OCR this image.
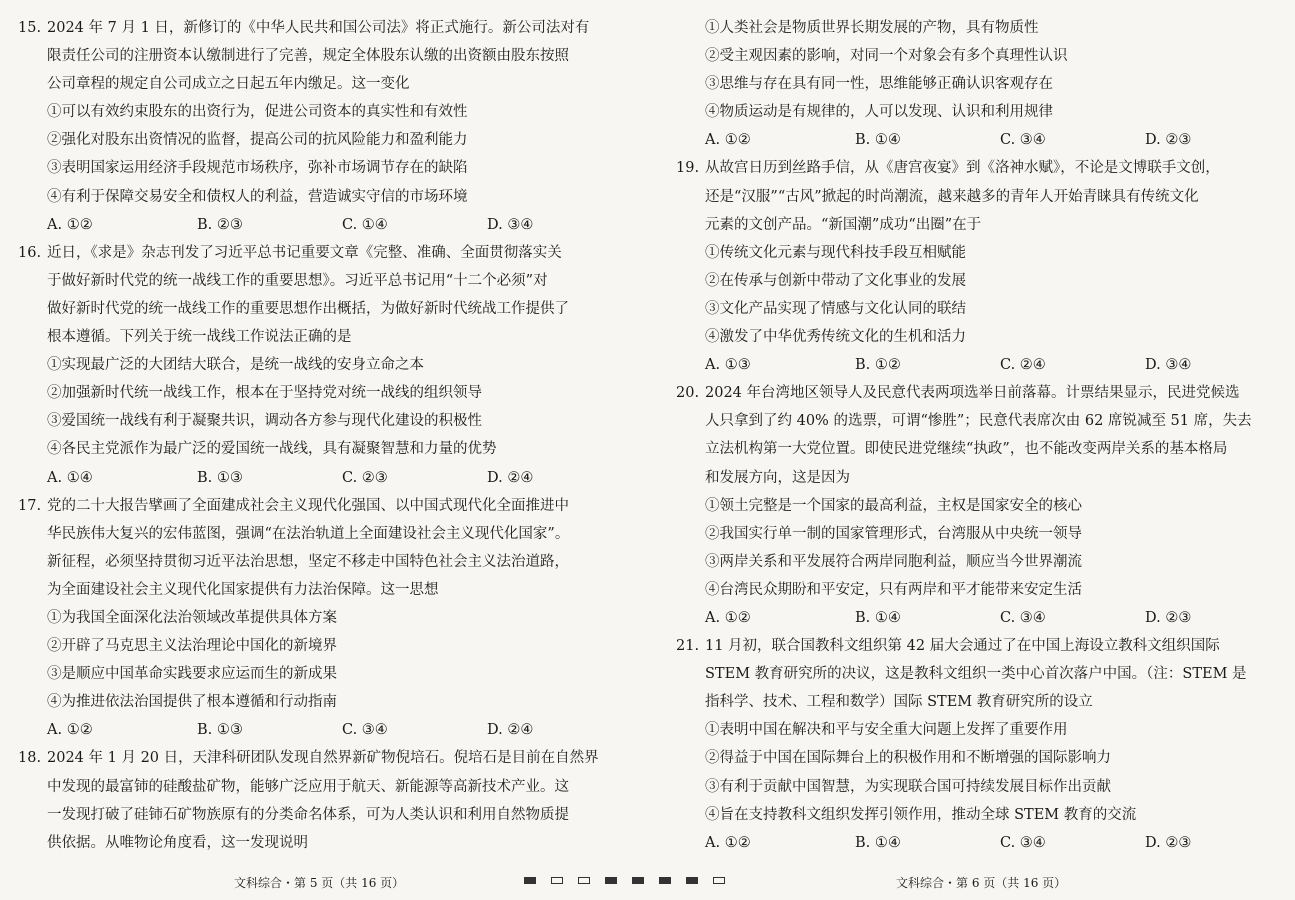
15. 2024 年 7 月 1 日，新修订的《中华人民共和国公司法》将正式施行。新公司法对有
限责任公司的注册资本认缴制进行了完善，规定全体股东认缴的出资额由股东按照
公司章程的规定自公司成立之日起五年内缴足。这一变化
①可以有效约束股东的出资行为，促进公司资本的真实性和有效性
②强化对股东出资情况的监督，提高公司的抗风险能力和盈利能力
③表明国家运用经济手段规范市场秩序，弥补市场调节存在的缺陷
④有利于保障交易安全和债权人的利益，营造诚实守信的市场环境
A. ①②	B. ②③	C. ①④	D. ③④
16. 近日，《求是》杂志刊发了习近平总书记重要文章《完整、准确、全面贯彻落实关
于做好新时代党的统一战线工作的重要思想》。习近平总书记用“十二个必须”对
做好新时代党的统一战线工作的重要思想作出概括，为做好新时代统战工作提供了
根本遵循。下列关于统一战线工作说法正确的是
①实现最广泛的大团结大联合，是统一战线的安身立命之本
②加强新时代统一战线工作，根本在于坚持党对统一战线的组织领导
③爱国统一战线有利于凝聚共识，调动各方参与现代化建设的积极性
④各民主党派作为最广泛的爱国统一战线，具有凝聚智慧和力量的优势
A. ①④	B. ①③	C. ②③	D. ②④
17. 党的二十大报告擘画了全面建成社会主义现代化强国、以中国式现代化全面推进中
华民族伟大复兴的宏伟蓝图，强调“在法治轨道上全面建设社会主义现代化国家”。
新征程，必须坚持贯彻习近平法治思想，坚定不移走中国特色社会主义法治道路，
为全面建设社会主义现代化国家提供有力法治保障。这一思想
①为我国全面深化法治领域改革提供具体方案
②开辟了马克思主义法治理论中国化的新境界
③是顺应中国革命实践要求应运而生的新成果
④为推进依法治国提供了根本遵循和行动指南
A. ①②	B. ①③	C. ③④	D. ②④
18. 2024 年 1 月 20 日，天津科研团队发现自然界新矿物倪培石。倪培石是目前在自然界
中发现的最富铈的硅酸盐矿物，能够广泛应用于航天、新能源等高新技术产业。这
一发现打破了硅铈石矿物族原有的分类命名体系，可为人类认识和利用自然物质提
供依据。从唯物论角度看，这一发现说明
①人类社会是物质世界长期发展的产物，具有物质性
②受主观因素的影响，对同一个对象会有多个真理性认识
③思维与存在具有同一性，思维能够正确认识客观存在
④物质运动是有规律的，人可以发现、认识和利用规律
A. ①②	B. ①④	C. ③④	D. ②③
19. 从故宫日历到丝路手信，从《唐宫夜宴》到《洛神水赋》，不论是文博联手文创，
还是“汉服”“古风”掀起的时尚潮流，越来越多的青年人开始青睐具有传统文化
元素的文创产品。“新国潮”成功“出圈”在于
①传统文化元素与现代科技手段互相赋能
②在传承与创新中带动了文化事业的发展
③文化产品实现了情感与文化认同的联结
④激发了中华优秀传统文化的生机和活力
A. ①③	B. ①②	C. ②④	D. ③④
20. 2024 年台湾地区领导人及民意代表两项选举日前落幕。计票结果显示，民进党候选
人只拿到了约 40% 的选票，可谓“惨胜”；民意代表席次由 62 席锐减至 51 席，失去
立法机构第一大党位置。即使民进党继续“执政”，也不能改变两岸关系的基本格局
和发展方向，这是因为
①领土完整是一个国家的最高利益，主权是国家安全的核心
②我国实行单一制的国家管理形式，台湾服从中央统一领导
③两岸关系和平发展符合两岸同胞利益，顺应当今世界潮流
④台湾民众期盼和平安定，只有两岸和平才能带来安定生活
A. ①②	B. ①④	C. ③④	D. ②③
21. 11 月初，联合国教科文组织第 42 届大会通过了在中国上海设立教科文组织国际
STEM 教育研究所的决议，这是教科文组织一类中心首次落户中国。（注：STEM 是
指科学、技术、工程和数学）国际 STEM 教育研究所的设立
①表明中国在解决和平与安全重大问题上发挥了重要作用
②得益于中国在国际舞台上的积极作用和不断增强的国际影响力
③有利于贡献中国智慧，为实现联合国可持续发展目标作出贡献
④旨在支持教科文组织发挥引领作用，推动全球 STEM 教育的交流
A. ①②	B. ①④	C. ③④	D. ②③
文科综合・第 5 页（共 16 页）	文科综合・第 6 页（共 16 页）
